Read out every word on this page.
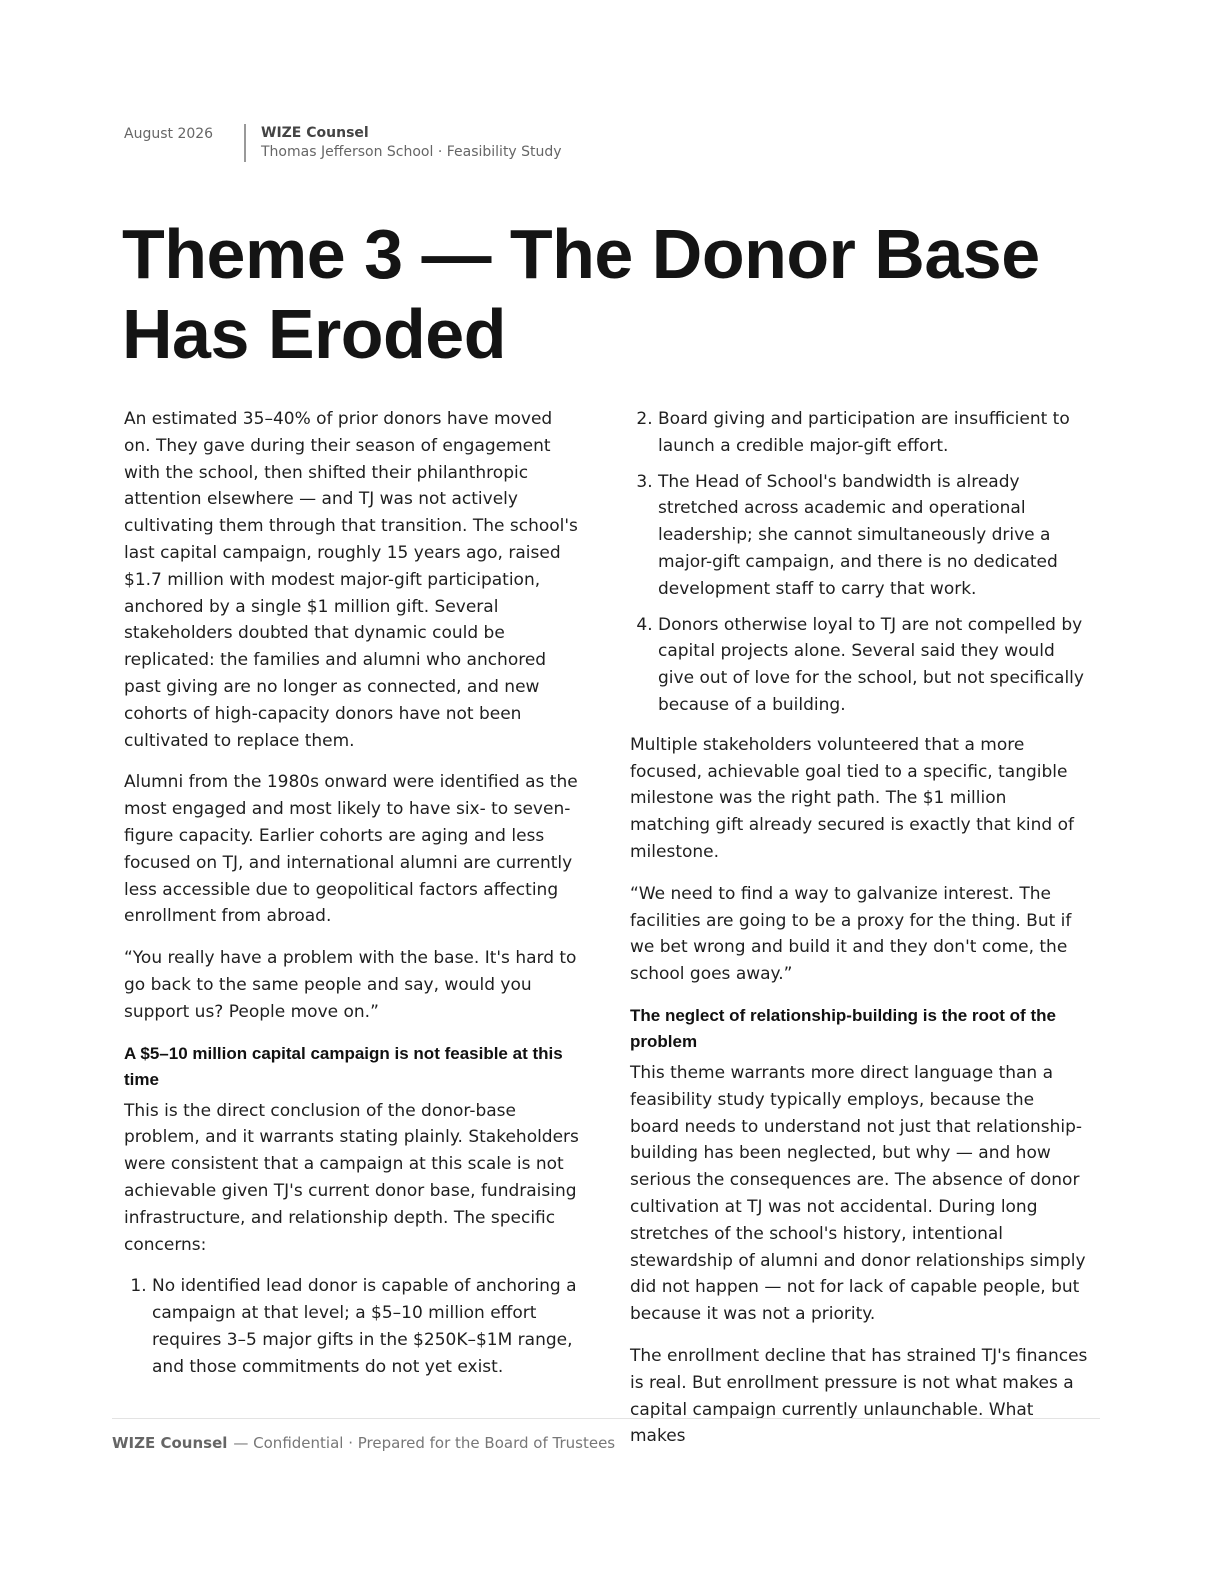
August 2026	WIZE Counsel
Thomas Jefferson School · Feasibility Study
Theme 3 — The Donor Base Has Eroded

An estimated 35–40% of prior donors have moved on. They gave during their season of engagement with the school, then shifted their philanthropic attention elsewhere — and TJ was not actively cultivating them through that transition. The school's last capital campaign, roughly 15 years ago, raised $1.7 million with modest major-gift participation, anchored by a single $1 million gift. Several stakeholders doubted that dynamic could be replicated: the families and alumni who anchored past giving are no longer as connected, and new cohorts of high-capacity donors have not been cultivated to replace them.

Alumni from the 1980s onward were identified as the most engaged and most likely to have six- to seven-figure capacity. Earlier cohorts are aging and less focused on TJ, and international alumni are currently less accessible due to geopolitical factors affecting enrollment from abroad.

“You really have a problem with the base. It's hard to go back to the same people and say, would you support us? People move on.”

A $5–10 million capital campaign is not feasible at this time

This is the direct conclusion of the donor-base problem, and it warrants stating plainly. Stakeholders were consistent that a campaign at this scale is not achievable given TJ's current donor base, fundraising infrastructure, and relationship depth. The specific concerns:

1. No identified lead donor is capable of anchoring a campaign at that level; a $5–10 million effort requires 3–5 major gifts in the $250K–$1M range, and those commitments do not yet exist.
2. Board giving and participation are insufficient to launch a credible major-gift effort.
3. The Head of School's bandwidth is already stretched across academic and operational leadership; she cannot simultaneously drive a major-gift campaign, and there is no dedicated development staff to carry that work.
4. Donors otherwise loyal to TJ are not compelled by capital projects alone. Several said they would give out of love for the school, but not specifically because of a building.

Multiple stakeholders volunteered that a more focused, achievable goal tied to a specific, tangible milestone was the right path. The $1 million matching gift already secured is exactly that kind of milestone.

“We need to find a way to galvanize interest. The facilities are going to be a proxy for the thing. But if we bet wrong and build it and they don't come, the school goes away.”

The neglect of relationship-building is the root of the problem

This theme warrants more direct language than a feasibility study typically employs, because the board needs to understand not just that relationship-building has been neglected, but why — and how serious the consequences are. The absence of donor cultivation at TJ was not accidental. During long stretches of the school's history, intentional stewardship of alumni and donor relationships simply did not happen — not for lack of capable people, but because it was not a priority.

The enrollment decline that has strained TJ's finances is real. But enrollment pressure is not what makes a capital campaign currently unlaunchable. What makes

WIZE Counsel — Confidential · Prepared for the Board of Trustees
